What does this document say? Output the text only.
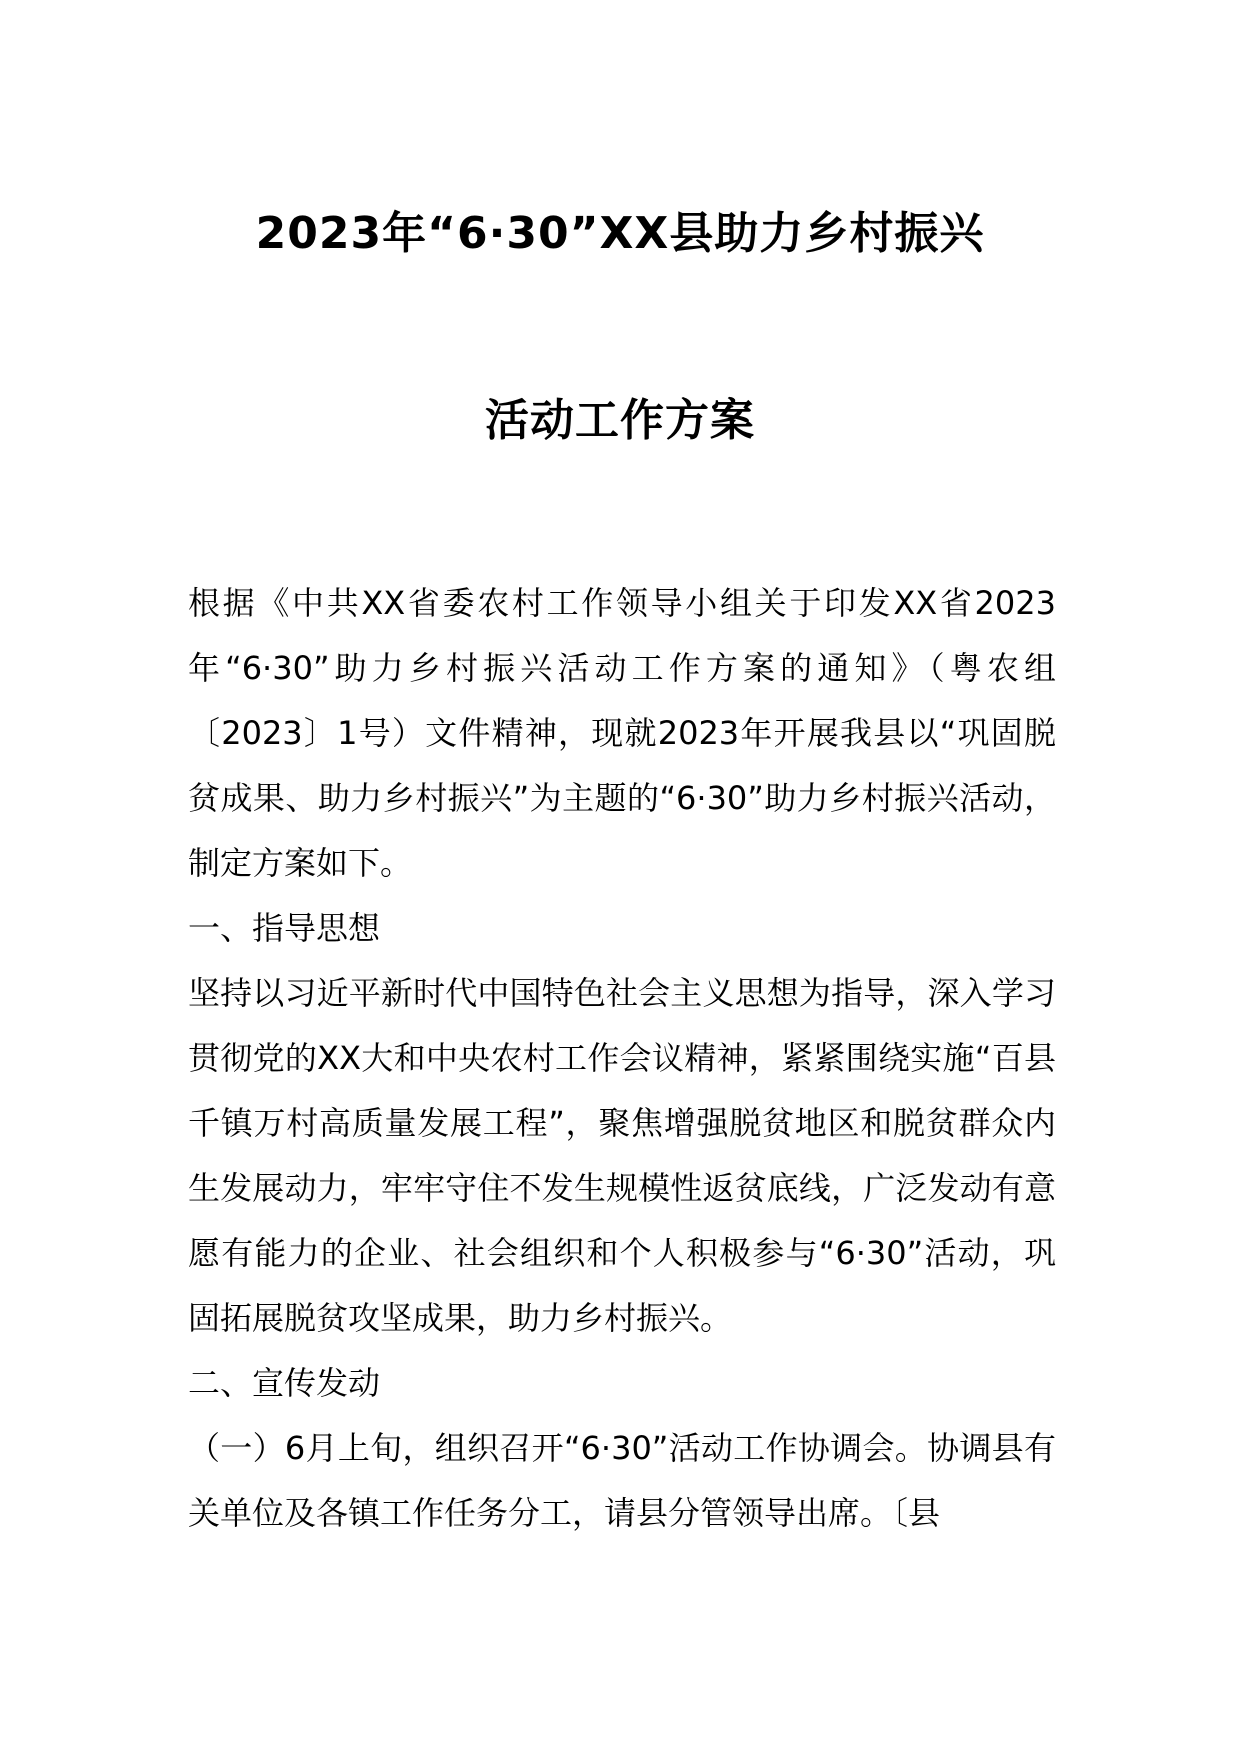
2023年“6·30”XX县助力乡村振兴
活动工作方案

根据《中共XX省委农村工作领导小组关于印发XX省2023年“6·30”助力乡村振兴活动工作方案的通知》（粤农组〔2023〕1号）文件精神，现就2023年开展我县以“巩固脱贫成果、助力乡村振兴”为主题的“6·30”助力乡村振兴活动，制定方案如下。

一、指导思想

坚持以习近平新时代中国特色社会主义思想为指导，深入学习贯彻党的XX大和中央农村工作会议精神，紧紧围绕实施“百县千镇万村高质量发展工程”，聚焦增强脱贫地区和脱贫群众内生发展动力，牢牢守住不发生规模性返贫底线，广泛发动有意愿有能力的企业、社会组织和个人积极参与“6·30”活动，巩固拓展脱贫攻坚成果，助力乡村振兴。

二、宣传发动

（一）6月上旬，组织召开“6·30”活动工作协调会。协调县有关单位及各镇工作任务分工，请县分管领导出席。〔县
